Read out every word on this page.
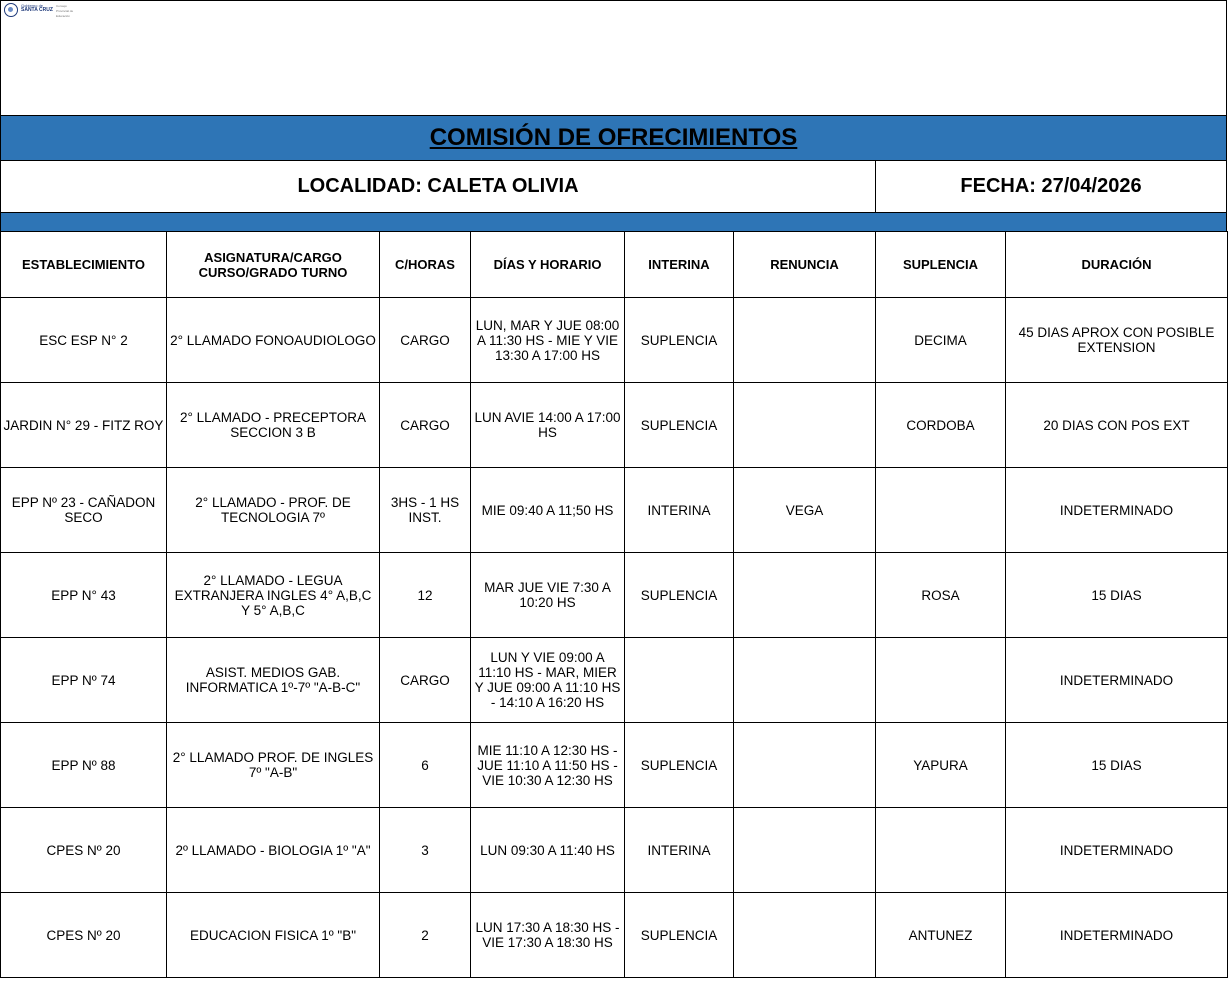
Gobierno de
SANTA CRUZ
Consejo
Provincial de
Educación
COMISIÓN DE OFRECIMIENTOS
LOCALIDAD: CALETA OLIVIA	FECHA: 27/04/2026
ESTABLECIMIENTO	ASIGNATURA/CARGO CURSO/GRADO TURNO	C/HORAS	DÍAS Y HORARIO	INTERINA	RENUNCIA	SUPLENCIA	DURACIÓN
ESC ESP N° 2	2° LLAMADO FONOAUDIOLOGO	CARGO	LUN, MAR Y JUE 08:00 A 11:30 HS - MIE Y VIE 13:30 A 17:00 HS	SUPLENCIA		DECIMA	45 DIAS APROX CON POSIBLE EXTENSION
JARDIN N° 29 - FITZ ROY	2° LLAMADO - PRECEPTORA SECCION 3 B	CARGO	LUN AVIE 14:00 A 17:00 HS	SUPLENCIA		CORDOBA	20 DIAS CON POS EXT
EPP Nº 23 - CAÑADON SECO	2° LLAMADO - PROF. DE TECNOLOGIA 7º	3HS - 1 HS INST.	MIE 09:40 A 11;50 HS	INTERINA	VEGA		INDETERMINADO
EPP N° 43	2° LLAMADO - LEGUA EXTRANJERA INGLES 4° A,B,C Y 5° A,B,C	12	MAR JUE VIE 7:30 A 10:20 HS	SUPLENCIA		ROSA	15 DIAS
EPP Nº 74	ASIST. MEDIOS GAB. INFORMATICA 1º-7º "A-B-C"	CARGO	LUN Y VIE 09:00 A 11:10 HS - MAR, MIER Y JUE 09:00 A 11:10 HS - 14:10 A 16:20 HS				INDETERMINADO
EPP Nº 88	2° LLAMADO PROF. DE INGLES 7º "A-B"	6	MIE 11:10 A 12:30 HS - JUE 11:10 A 11:50 HS - VIE 10:30 A 12:30 HS	SUPLENCIA		YAPURA	15 DIAS
CPES Nº 20	2º LLAMADO - BIOLOGIA 1º "A"	3	LUN 09:30 A 11:40 HS	INTERINA			INDETERMINADO
CPES Nº 20	EDUCACION FISICA 1º "B"	2	LUN 17:30 A 18:30 HS - VIE 17:30 A 18:30 HS	SUPLENCIA		ANTUNEZ	INDETERMINADO
